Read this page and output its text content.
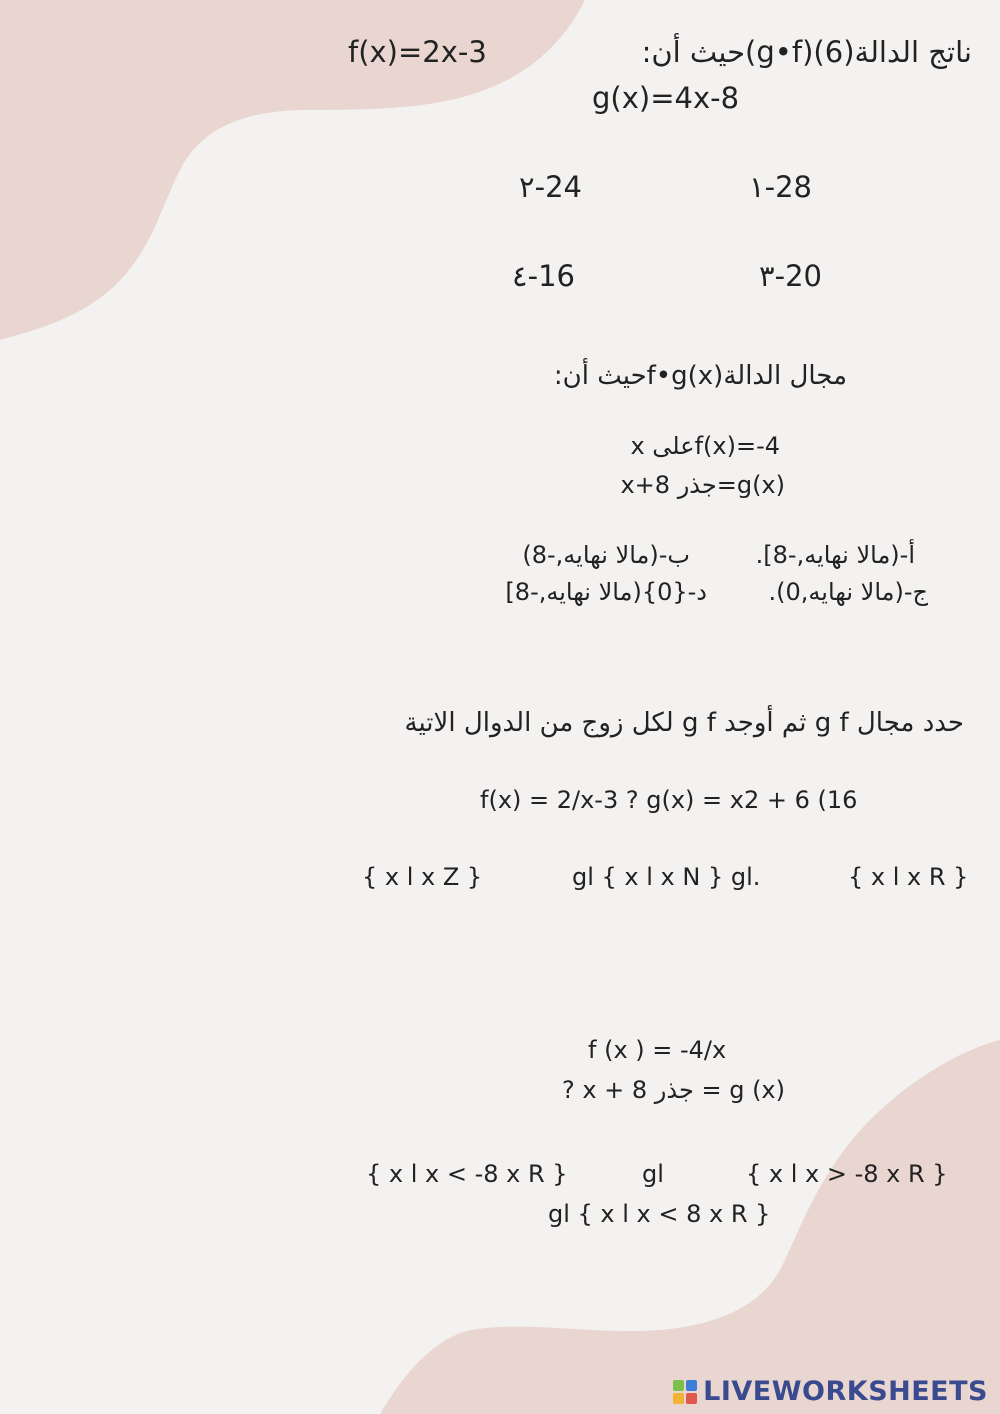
f(x)=2x-3	ناتج الدالة(6)(g•f)حيث أن:
g(x)=4x-8
28-١
24-٢
20-٣
16-٤
مجال الدالةf•g(x)حيث أن:
f(x)=-4على x
g(x)=جذر x+8
أ-(مالا نهايه,-8].
ب-(مالا نهايه,-8)
ج-(مالا نهايه,0).
د-{0}(مالا نهايه,-8]
حدد مجال g f ثم أوجد g f لكل زوج من الدوال الاتية
f(x) = 2/x-3 ? g(x) = x2 + 6 (16
{ x l x R }
gl { x l x N } gl.
{ x l x Z }
f (x ) = -4/x
g (x) = جذر x + 8 ?
{ x l x > -8 x R }
gl
{ x l x < -8 x R }
gl { x l x < 8 x R }
LIVEWORKSHEETS
